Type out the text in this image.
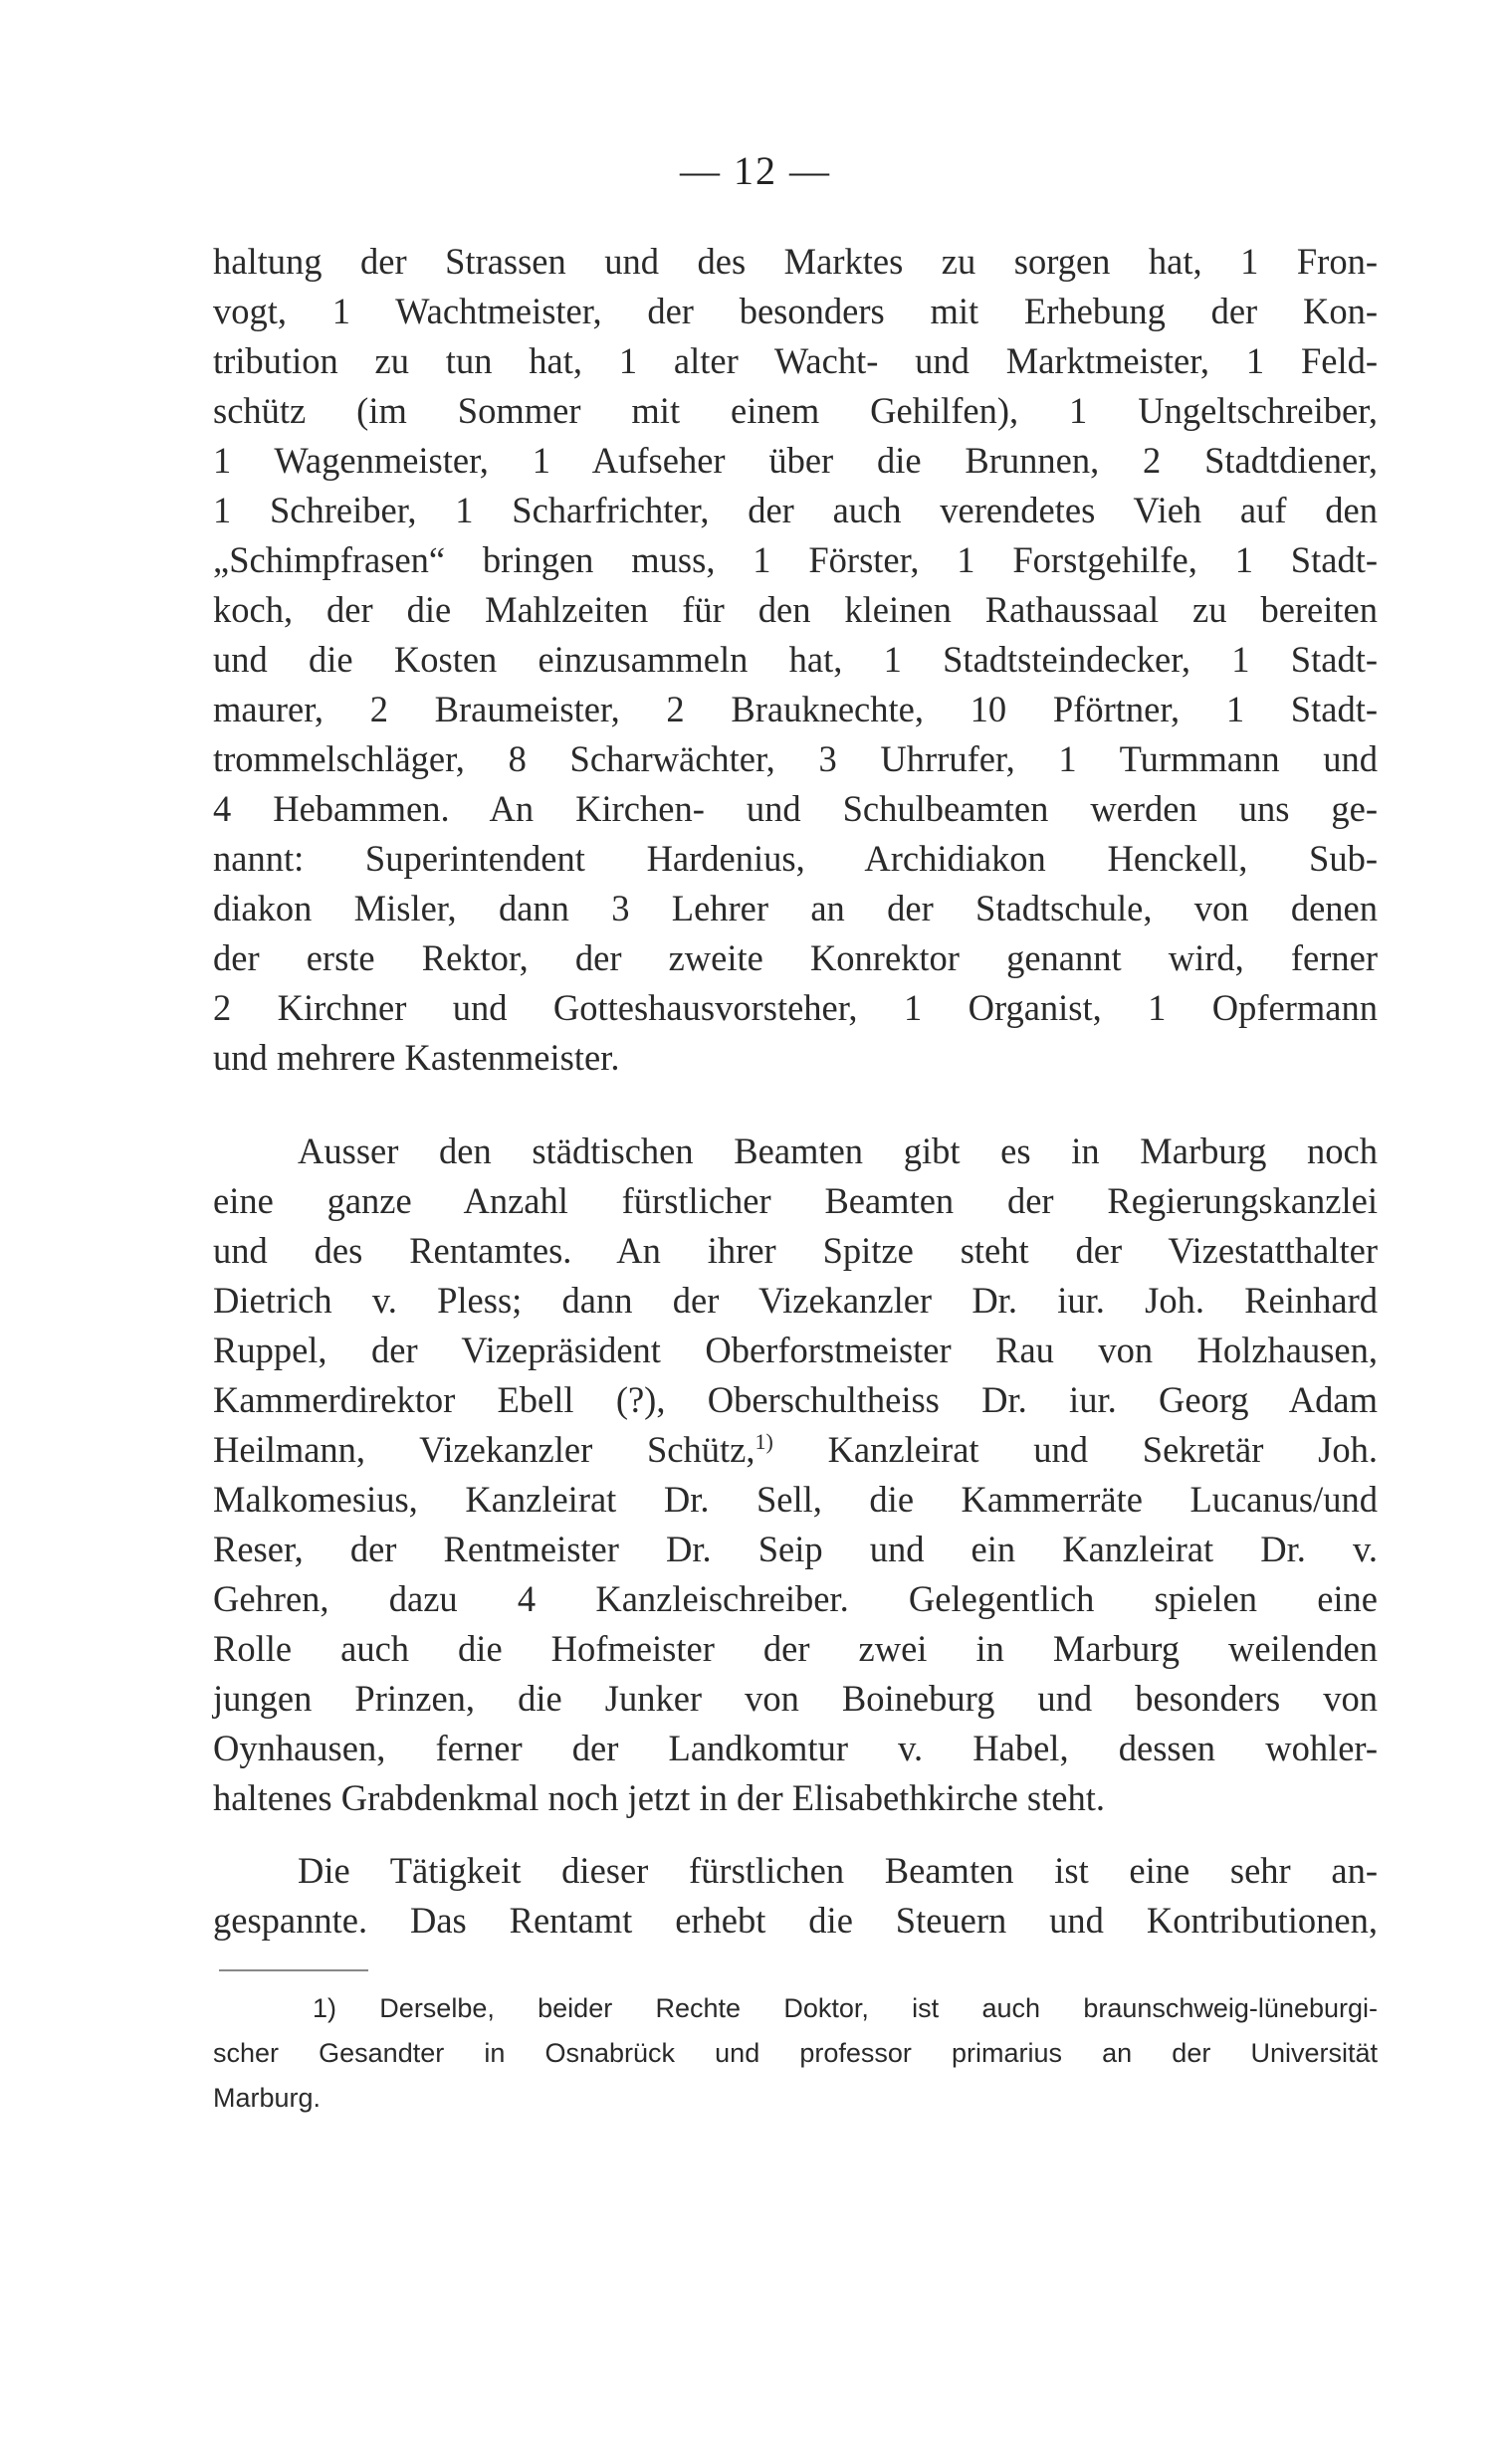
— 12 —
haltung der Strassen und des Marktes zu sorgen hat, 1 Fron-
vogt, 1 Wachtmeister, der besonders mit Erhebung der Kon-
tribution zu tun hat, 1 alter Wacht- und Marktmeister, 1 Feld-
schütz (im Sommer mit einem Gehilfen), 1 Ungeltschreiber,
1 Wagenmeister, 1 Aufseher über die Brunnen, 2 Stadtdiener,
1 Schreiber, 1 Scharfrichter, der auch verendetes Vieh auf den
„Schimpfrasen“ bringen muss, 1 Förster, 1 Forstgehilfe, 1 Stadt-
koch, der die Mahlzeiten für den kleinen Rathaussaal zu bereiten
und die Kosten einzusammeln hat, 1 Stadtsteindecker, 1 Stadt-
maurer, 2 Braumeister, 2 Brauknechte, 10 Pförtner, 1 Stadt-
trommelschläger, 8 Scharwächter, 3 Uhrrufer, 1 Turmmann und
4 Hebammen. An Kirchen- und Schulbeamten werden uns ge-
nannt: Superintendent Hardenius, Archidiakon Henckell, Sub-
diakon Misler, dann 3 Lehrer an der Stadtschule, von denen
der erste Rektor, der zweite Konrektor genannt wird, ferner
2 Kirchner und Gotteshausvorsteher, 1 Organist, 1 Opfermann
und mehrere Kastenmeister.
Ausser den städtischen Beamten gibt es in Marburg noch
eine ganze Anzahl fürstlicher Beamten der Regierungskanzlei
und des Rentamtes. An ihrer Spitze steht der Vizestatthalter
Dietrich v. Pless; dann der Vizekanzler Dr. iur. Joh. Reinhard
Ruppel, der Vizepräsident Oberforstmeister Rau von Holzhausen,
Kammerdirektor Ebell (?), Oberschultheiss Dr. iur. Georg Adam
Heilmann, Vizekanzler Schütz,$^{1)}$ Kanzleirat und Sekretär Joh.
Malkomesius, Kanzleirat Dr. Sell, die Kammerräte Lucanus/und
Reser, der Rentmeister Dr. Seip und ein Kanzleirat Dr. v.
Gehren, dazu 4 Kanzleischreiber. Gelegentlich spielen eine
Rolle auch die Hofmeister der zwei in Marburg weilenden
jungen Prinzen, die Junker von Boineburg und besonders von
Oynhausen, ferner der Landkomtur v. Habel, dessen wohler-
haltenes Grabdenkmal noch jetzt in der Elisabethkirche steht.
Die Tätigkeit dieser fürstlichen Beamten ist eine sehr an-
gespannte. Das Rentamt erhebt die Steuern und Kontributionen,
1) Derselbe, beider Rechte Doktor, ist auch braunschweig-lüneburgi-
scher Gesandter in Osnabrück und professor primarius an der Universität
Marburg.
